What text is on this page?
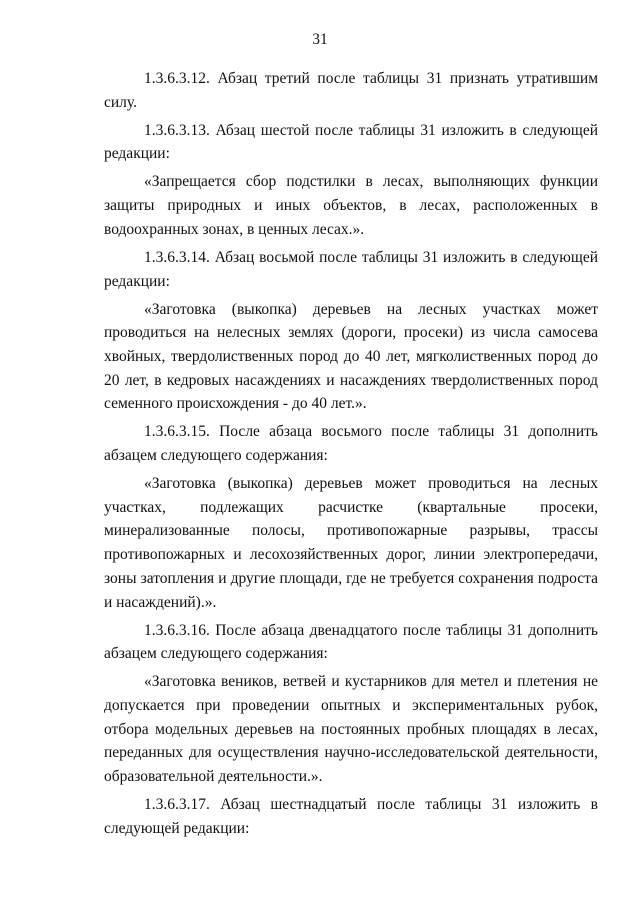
31

1.3.6.3.12. Абзац третий после таблицы 31 признать утратившим силу.

1.3.6.3.13. Абзац шестой после таблицы 31 изложить в следующей редакции:

«Запрещается сбор подстилки в лесах, выполняющих функции защиты природных и иных объектов, в лесах, расположенных в водоохранных зонах, в ценных лесах.».

1.3.6.3.14. Абзац восьмой после таблицы 31 изложить в следующей редакции:

«Заготовка (выкопка) деревьев на лесных участках может проводиться на нелесных землях (дороги, просеки) из числа самосева хвойных, твердолиственных пород до 40 лет, мягколиственных пород до 20 лет, в кедровых насаждениях и насаждениях твердолиственных пород семенного происхождения - до 40 лет.».

1.3.6.3.15. После абзаца восьмого после таблицы 31 дополнить абзацем следующего содержания:

«Заготовка (выкопка) деревьев может проводиться на лесных участках, подлежащих расчистке (квартальные просеки, минерализованные полосы, противопожарные разрывы, трассы противопожарных и лесохозяйственных дорог, линии электропередачи, зоны затопления и другие площади, где не требуется сохранения подроста и насаждений).».

1.3.6.3.16. После абзаца двенадцатого после таблицы 31 дополнить абзацем следующего содержания:

«Заготовка веников, ветвей и кустарников для метел и плетения не допускается при проведении опытных и экспериментальных рубок, отбора модельных деревьев на постоянных пробных площадях в лесах, переданных для осуществления научно-исследовательской деятельности, образовательной деятельности.».

1.3.6.3.17. Абзац шестнадцатый после таблицы 31 изложить в следующей редакции:
